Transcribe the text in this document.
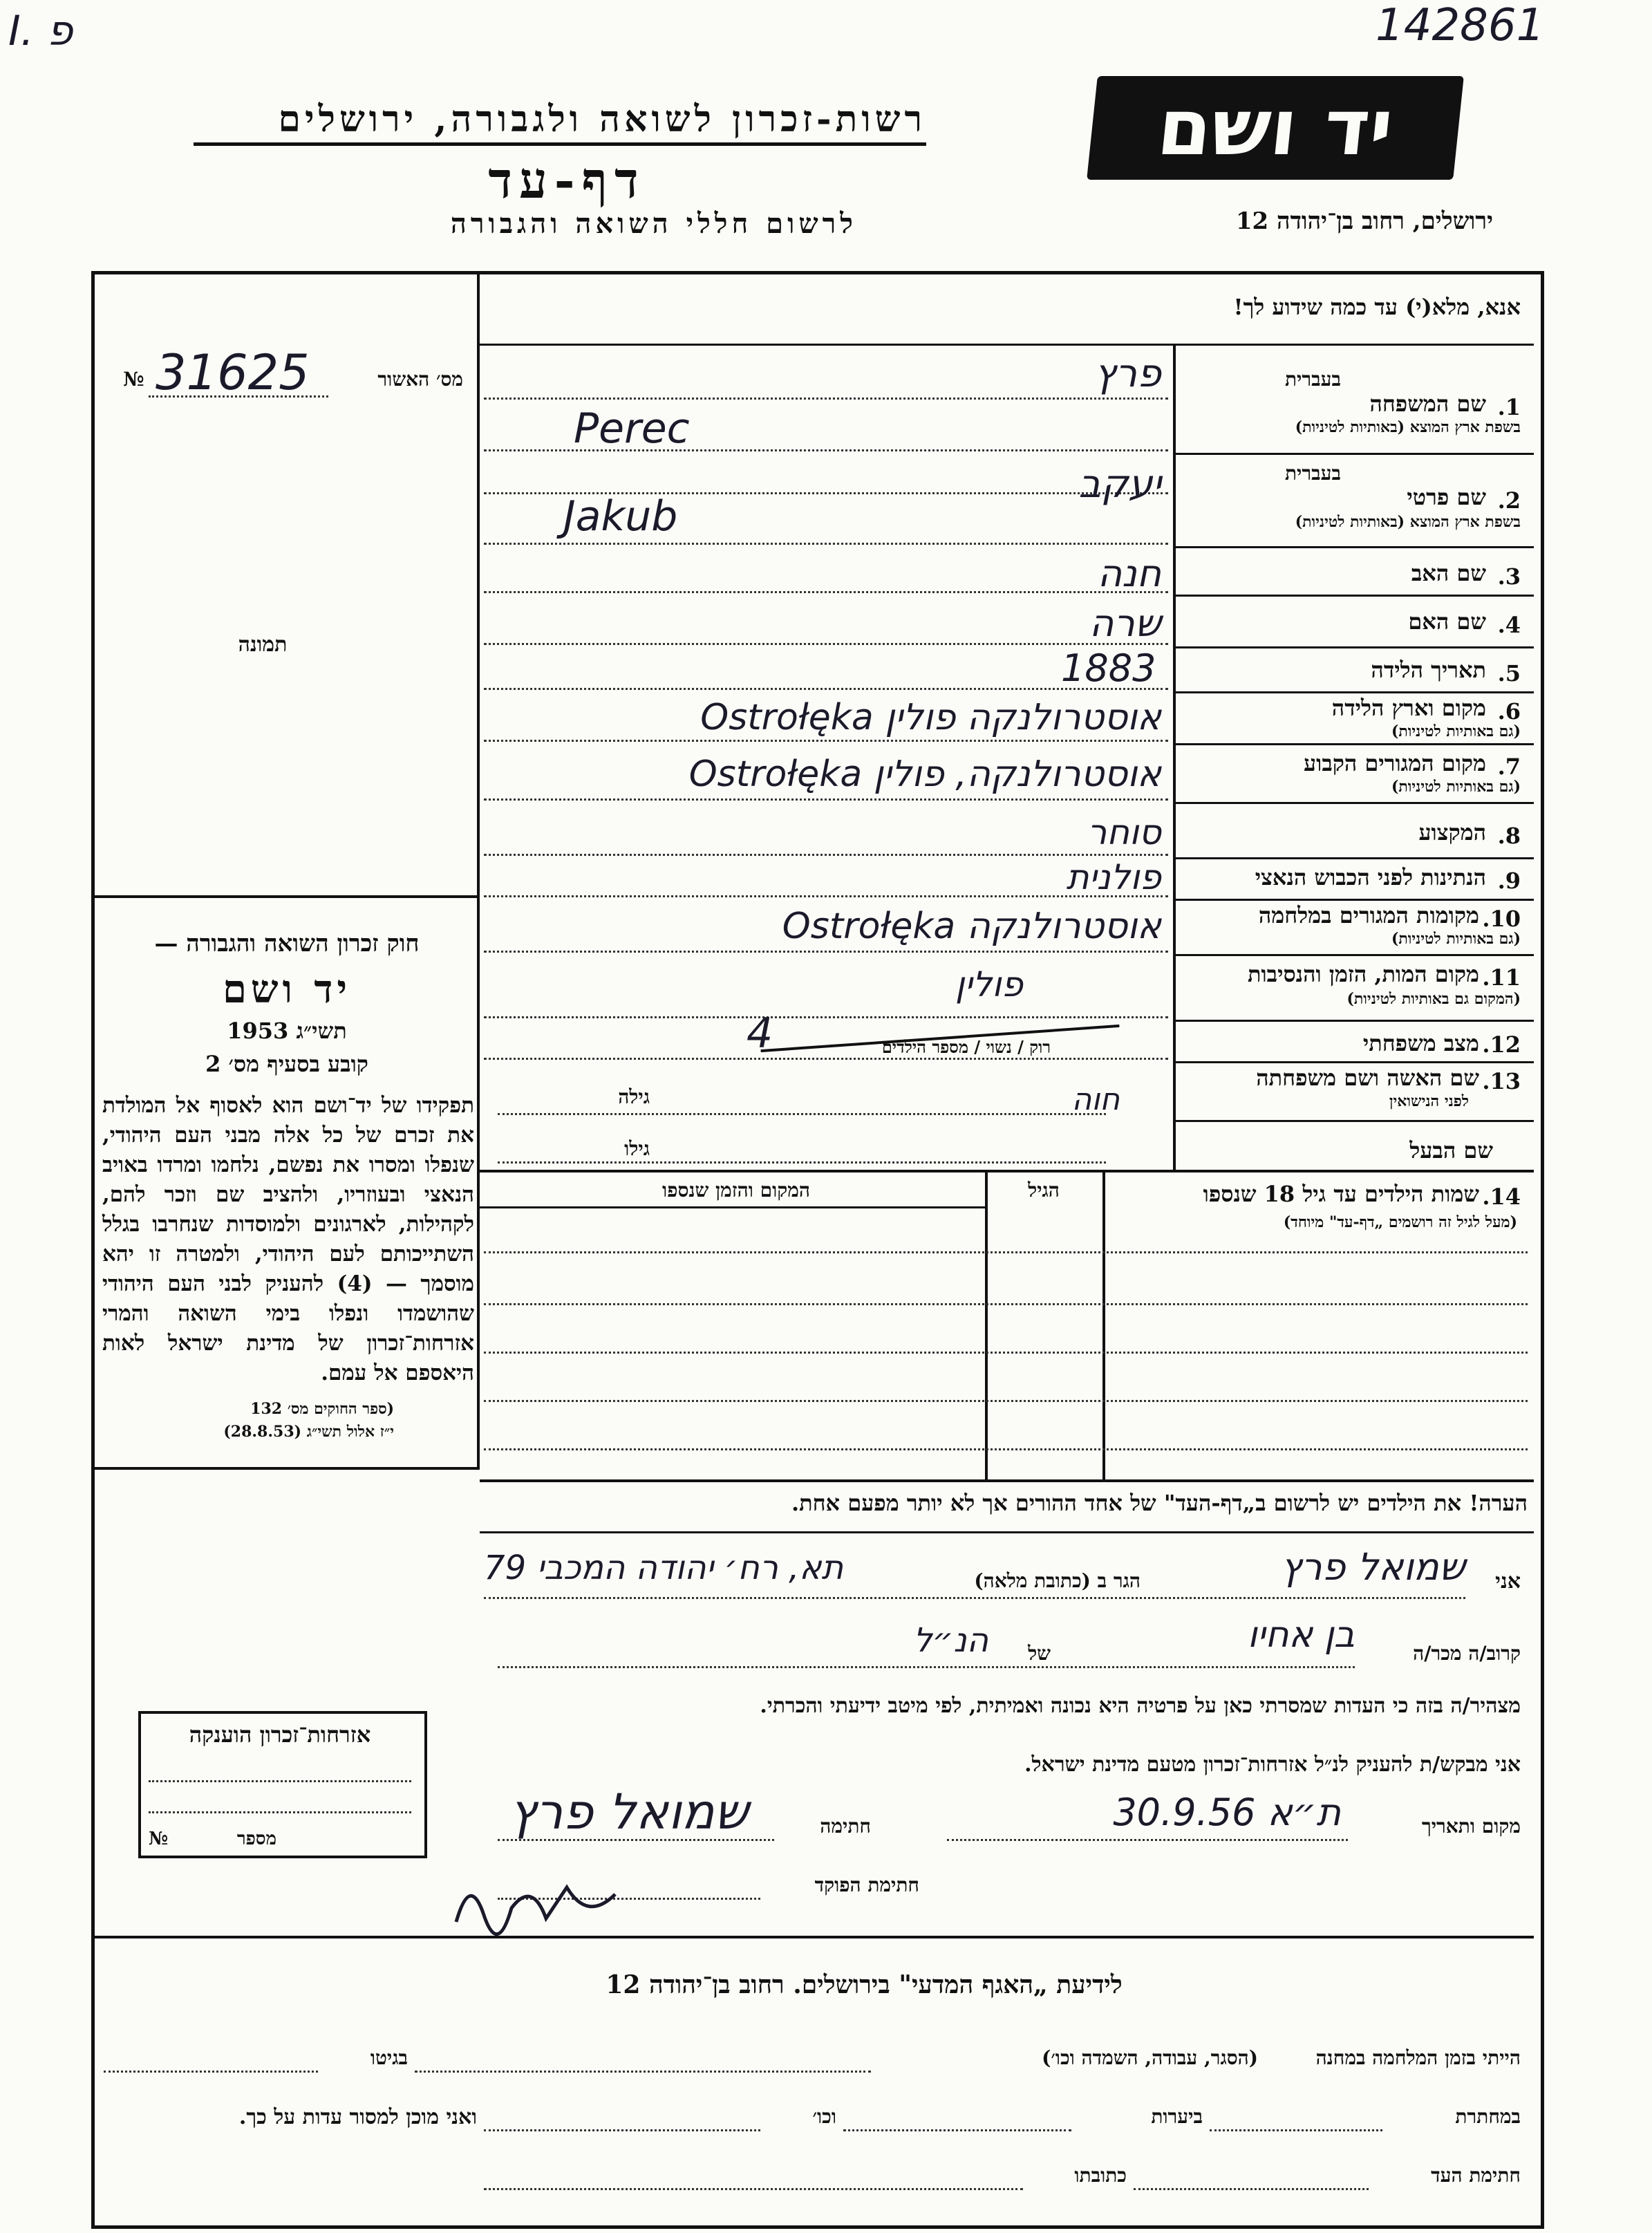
I. פ	142861
רשות-זכרון לשואה ולגבורה, ירושלים	יד ושם
דף-עד
לרשום חללי השואה והגבורה	ירושלים, רחוב בן־יהודה 12
אנא, מלא(י) עד כמה שידוע לך!
מס׳ האשור
№ 31625
תמונה
חוק זכרון השואה והגבורה —
יד ושם
תשי״ג 1953
קובע בסעיף מס׳ 2
תפקידו של יד־ושם הוא לאסוף אל המולדת את זכרם של כל אלה מבני העם היהודי, שנפלו ומסרו את נפשם, נלחמו ומרדו באויב הנאצי ובעוזריו, ולהציב שם וזכר להם, לקהילות, לארגונים ולמוסדות שנחרבו בגלל השתייכותם לעם היהודי, ולמטרה זו יהא מוסמך — (4) להעניק לבני העם היהודי שהושמדו ונפלו בימי השואה והמרי אזרחות־זכרון של מדינת ישראל לאות היאספם אל עמם.
(ספר החוקים מס׳ 132
י״ז אלול תשי״ג (28.8.53)
אזרחות־זכרון הוענקה
מספר
№
בעברית
1.
שם המשפחה
בשפת ארץ המוצא (באותיות לטיניות)
פרץ
Perec
בעברית
2.
שם פרטי
בשפת ארץ המוצא (באותיות לטיניות)
יעקב
Jakub
3.
שם האב
חנה
4.
שם האם
שרה
5.
תאריך הלידה
1883
6.
מקום וארץ הלידה
(גם באותיות לטיניות)
Ostrołęka אוסטרולנקה פולין
7.
מקום המגורים הקבוע
(גם באותיות לטיניות)
Ostrołęka אוסטרולנקה, פולין
8.
המקצוע
סוחר
9.
הנתינות לפני הכבוש הנאצי
פולנית
10.
מקומות המגורים במלחמה
(גם באותיות לטיניות)
Ostrołęka אוסטרולנקה
11.
מקום המות, הזמן והנסיבות
(המקום גם באותיות לטיניות)
פולין
12.
מצב משפחתי
רוק / נשוי / מספר הילדים
4
13.
שם האשה ושם משפחתה
לפני הנישואין
חוה
גילה
שם הבעל
גילו
14.
שמות הילדים עד גיל 18 שנספו
(מעל לגיל זה רושמים „דף-עד" מיוחד)
הגיל
המקום והזמן שנספו
הערה! את הילדים יש לרשום ב„דף-העד" של אחד ההורים אך לא יותר מפעם אחת.
אני
שמואל פרץ
הגר ב (כתובת מלאה)
תא, רח׳ יהודה המכבי 79
קרוב/ה מכר/ה
בן אחיו
של
הנ״ל
מצהיר/ה בזה כי העדות שמסרתי כאן על פרטיה היא נכונה ואמיתית, לפי מיטב ידיעתי והכרתי.
אני מבקש/ת להעניק לנ״ל אזרחות־זכרון מטעם מדינת ישראל.
מקום ותאריך
ת״א 30.9.56
חתימה
שמואל פרץ
חתימת הפוקד
לידיעת „האגף המדעי" בירושלים. רחוב בן־יהודה 12
הייתי בזמן המלחמה במחנה
(הסגר, עבודה, השמדה וכו׳)
בגיטו
במחתרת
ביערות
וכו׳
ואני מוכן למסור עדות על כך.
חתימת העד
כתובתו
